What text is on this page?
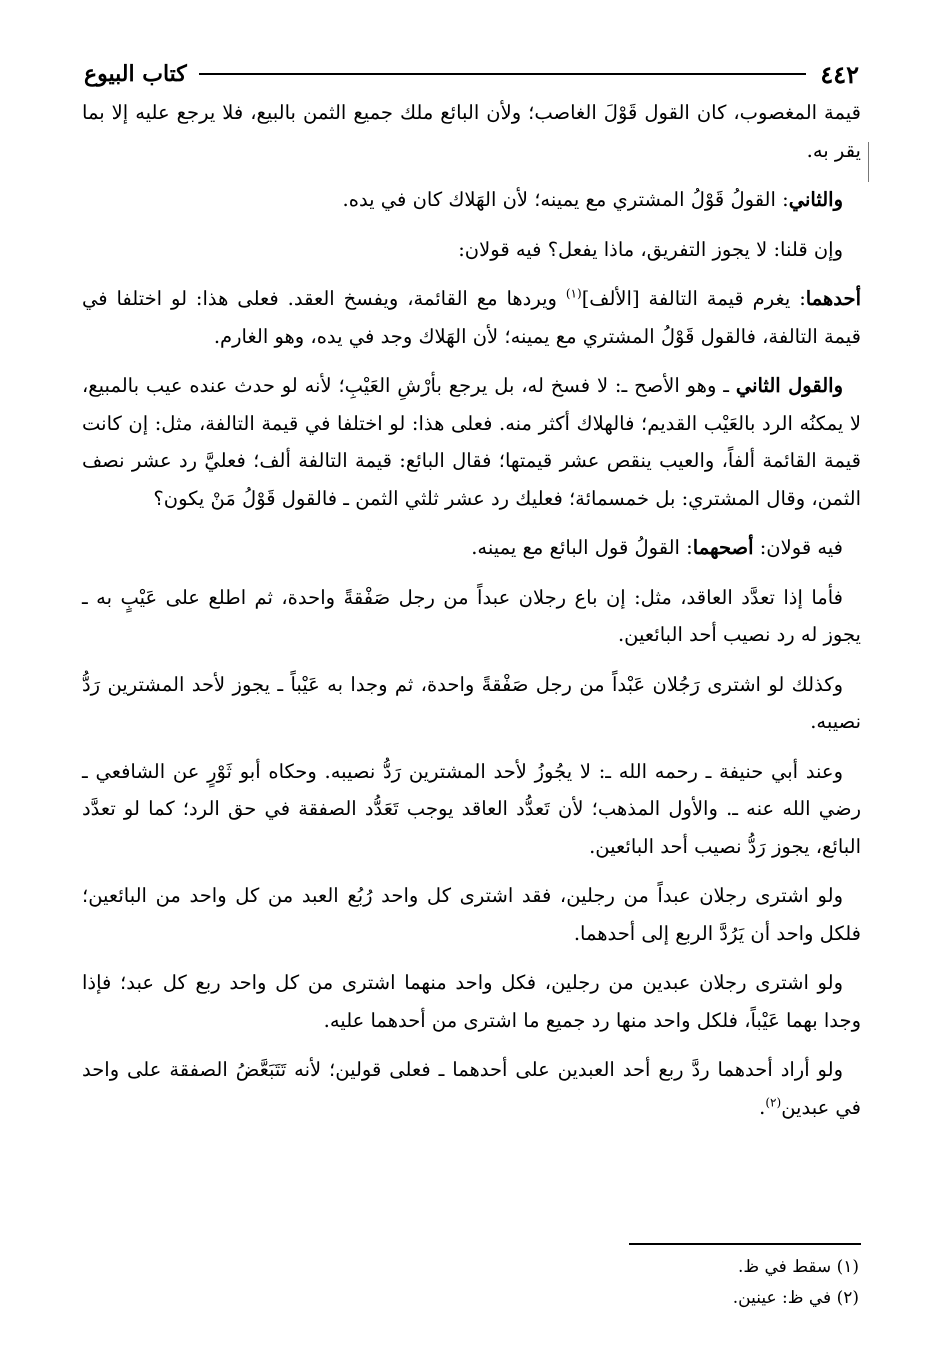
٤٤٢
كتاب البيوع

قيمة المغصوب، كان القول قَوْلَ الغاصب؛ ولأن البائع ملك جميع الثمن بالبيع، فلا يرجع عليه إلا بما يقر به.

والثاني: القولُ قَوْلُ المشتري مع يمينه؛ لأن الهَلاك كان في يده.

وإن قلنا: لا يجوز التفريق، ماذا يفعل؟ فيه قولان:

أحدهما: يغرم قيمة التالفة [الألف]$^{(١)}$ ويردها مع القائمة، ويفسخ العقد. فعلى هذا: لو اختلفا في قيمة التالفة، فالقول قَوْلُ المشتري مع يمينه؛ لأن الهَلاك وجد في يده، وهو الغارم.

والقول الثاني ـ وهو الأصح ـ: لا فسخ له، بل يرجع بأرْشِ العَيْبِ؛ لأنه لو حدث عنده عيب بالمبيع، لا يمكنُه الرد بالعَيْب القديم؛ فالهلاك أكثر منه. فعلى هذا: لو اختلفا في قيمة التالفة، مثل: إن كانت قيمة القائمة ألفاً، والعيب ينقص عشر قيمتها؛ فقال البائع: قيمة التالفة ألف؛ فعليَّ رد عشر نصف الثمن، وقال المشتري: بل خمسمائة؛ فعليك رد عشر ثلثي الثمن ـ فالقول قَوْلُ مَنْ يكون؟

فيه قولان: أصحهما: القولُ قول البائع مع يمينه.

فأما إذا تعدَّد العاقد، مثل: إن باع رجلان عبداً من رجل صَفْقةً واحدة، ثم اطلع على عَيْبٍ به ـ يجوز له رد نصيب أحد البائعين.

وكذلك لو اشترى رَجُلان عَبْداً من رجل صَفْقةً واحدة، ثم وجدا به عَيْباً ـ يجوز لأحد المشترين رَدُّ نصيبه.

وعند أبي حنيفة ـ رحمه الله ـ: لا يجُوزُ لأحد المشترين رَدُّ نصيبه. وحكاه أبو ثَوْرٍ عن الشافعي ـ رضي الله عنه ـ. والأول المذهب؛ لأن تَعدُّد العاقد يوجب تَعَدُّد الصفقة في حق الرد؛ كما لو تعدَّد البائع، يجوز رَدُّ نصيب أحد البائعين.

ولو اشترى رجلان عبداً من رجلين، فقد اشترى كل واحد رُبُع العبد من كل واحد من البائعين؛ فلكل واحد أن يَرُدَّ الربع إلى أحدهما.

ولو اشترى رجلان عبدين من رجلين، فكل واحد منهما اشترى من كل واحد ربع كل عبد؛ فإذا وجدا بهما عَيْباً، فلكل واحد منها رد جميع ما اشترى من أحدهما عليه.

ولو أراد أحدهما ردَّ ربع أحد العبدين على أحدهما ـ فعلى قولين؛ لأنه تَتَبَعَّضُ الصفقة على واحد في عبدين$^{(٢)}$.

(١) سقط في ظ.
(٢) في ظ: عينين.
